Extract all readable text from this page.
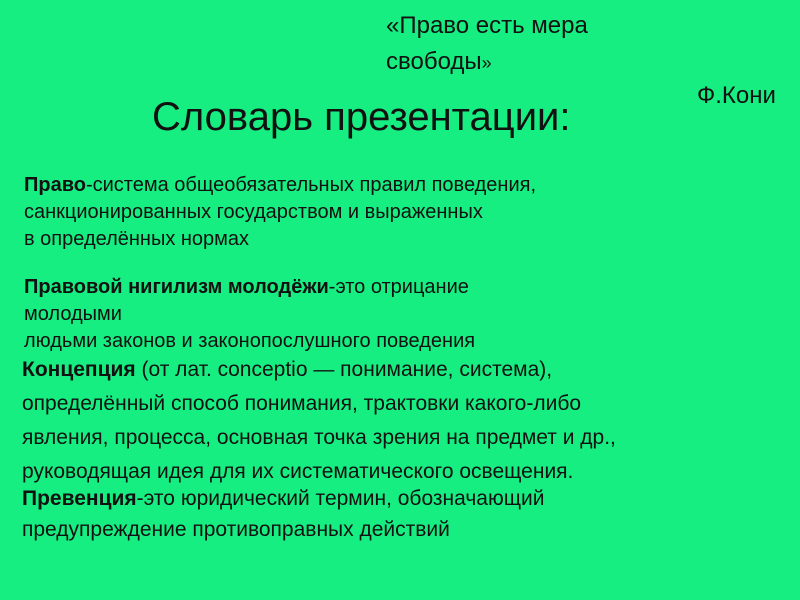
«Право есть мера
свободы»
Ф.Кони
Словарь презентации:

Право-система общеобязательных правил поведения,
санкционированных государством и выраженных
в определённых нормах

Правовой нигилизм молодёжи-это отрицание
молодыми
людьми законов и законопослушного поведения

Концепция (от лат. conceptio — понимание, система),
определённый способ понимания, трактовки какого-либо
явления, процесса, основная точка зрения на предмет и др.,
руководящая идея для их систематического освещения.

Превенция-это юридический термин, обозначающий
предупреждение противоправных действий
